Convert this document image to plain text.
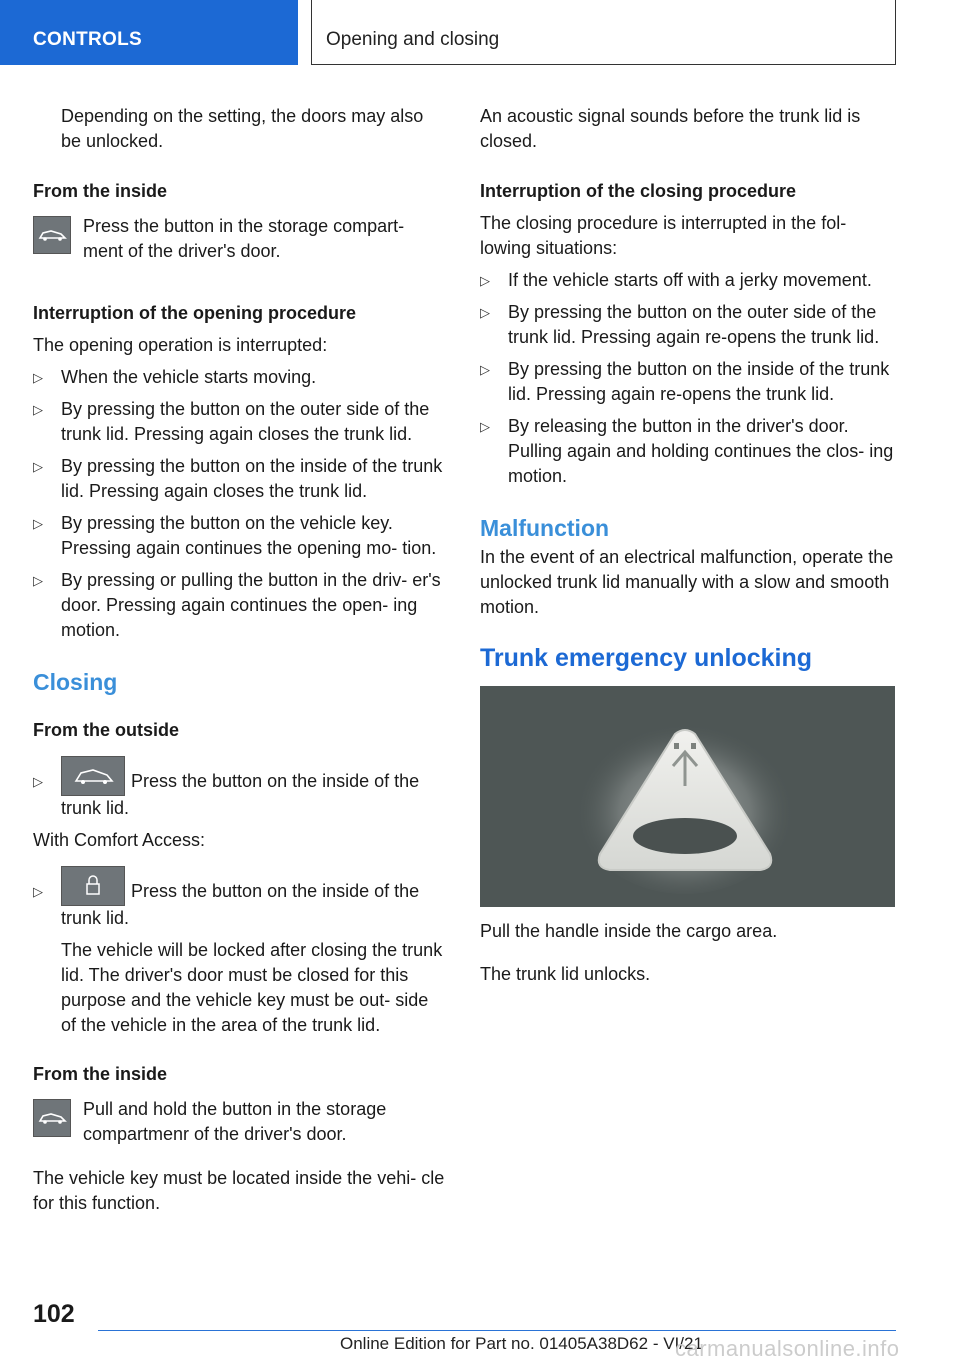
CONTROLS	Opening and closing

Depending on the setting, the doors may also be unlocked.

From the inside

Press the button in the storage compart- ment of the driver's door.

Interruption of the opening procedure

The opening operation is interrupted:

▷ When the vehicle starts moving.

▷ By pressing the button on the outer side of the trunk lid. Pressing again closes the trunk lid.

▷ By pressing the button on the inside of the trunk lid. Pressing again closes the trunk lid.

▷ By pressing the button on the vehicle key. Pressing again continues the opening mo- tion.

▷ By pressing or pulling the button in the driv- er's door. Pressing again continues the open- ing motion.

Closing

From the outside

▷	Press the button on the inside of the trunk lid.

With Comfort Access:

▷	Press the button on the inside of the trunk lid.

The vehicle will be locked after closing the trunk lid. The driver's door must be closed for this purpose and the vehicle key must be out- side of the vehicle in the area of the trunk lid.

From the inside

Pull and hold the button in the storage compartmenr of the driver's door.

The vehicle key must be located inside the vehi- cle for this function.

An acoustic signal sounds before the trunk lid is closed.

Interruption of the closing procedure

The closing procedure is interrupted in the fol- lowing situations:

▷ If the vehicle starts off with a jerky movement.

▷ By pressing the button on the outer side of the trunk lid. Pressing again re-opens the trunk lid.

▷ By pressing the button on the inside of the trunk lid. Pressing again re-opens the trunk lid.

▷ By releasing the button in the driver's door. Pulling again and holding continues the clos- ing motion.

Malfunction

In the event of an electrical malfunction, operate the unlocked trunk lid manually with a slow and smooth motion.

Trunk emergency unlocking

Pull the handle inside the cargo area.

The trunk lid unlocks.

102
Online Edition for Part no. 01405A38D62 - VI/21
carmanualsonline.info
